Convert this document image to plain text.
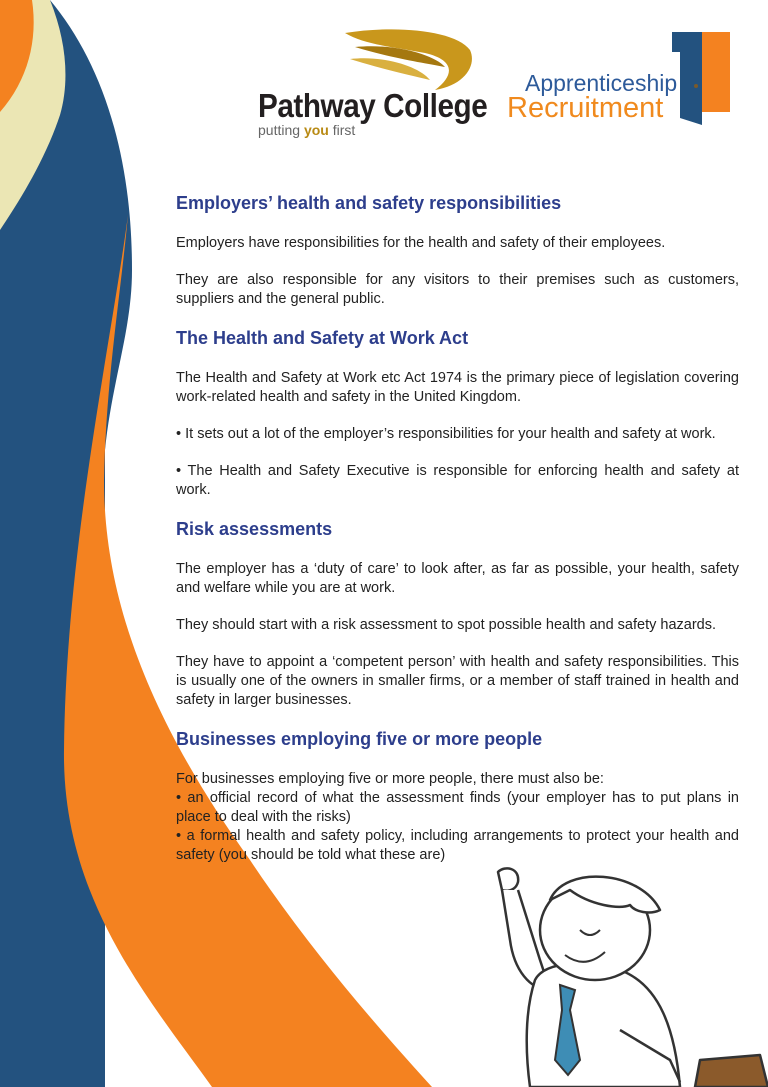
Pathway College
putting you first
Apprenticeship
Recruitment
Employers’ health and safety responsibilities

Employers have responsibilities for the health and safety of their employees.

They are also responsible for any visitors to their premises such as customers, suppliers and the general public.

The Health and Safety at Work Act

The Health and Safety at Work etc Act 1974 is the primary piece of legislation covering work-related health and safety in the United Kingdom.

• It sets out a lot of the employer’s responsibilities for your health and safety at work.

• The Health and Safety Executive is responsible for enforcing health and safety at work.

Risk assessments

The employer has a ‘duty of care’ to look after, as far as possible, your health, safety and welfare while you are at work.

They should start with a risk assessment to spot possible health and safety hazards.

They have to appoint a ‘competent person’ with health and safety responsibilities. This is usually one of the owners in smaller firms, or a member of staff trained in health and safety in larger businesses.

Businesses employing five or more people

For businesses employing five or more people, there must also be:

• an official record of what the assessment finds (your employer has to put plans in place to deal with the risks)

• a formal health and safety policy, including arrangements to protect your health and safety (you should be told what these are)
